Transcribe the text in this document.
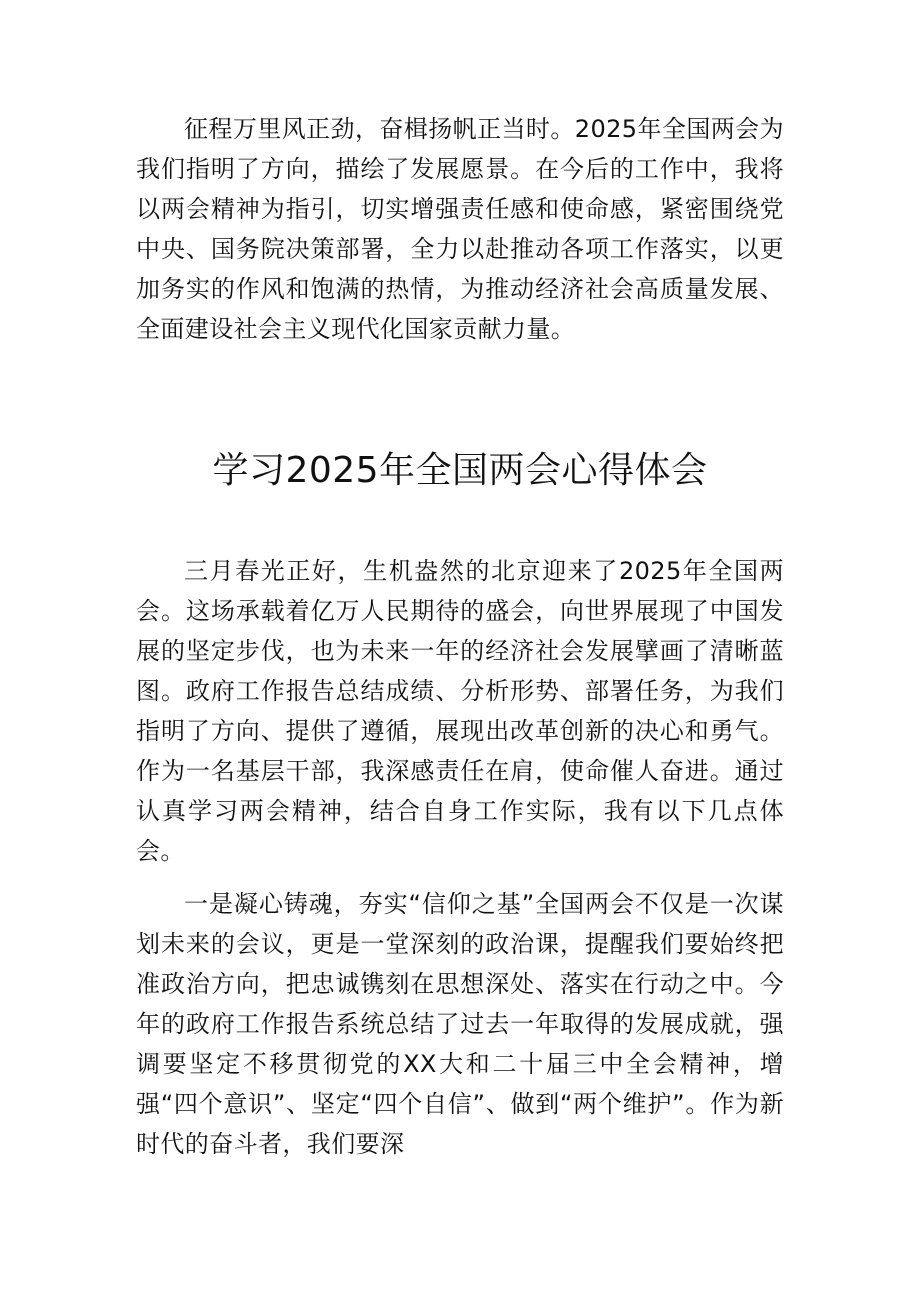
征程万里风正劲，奋楫扬帆正当时。2025年全国两会为我们指明了方向，描绘了发展愿景。在今后的工作中，我将以两会精神为指引，切实增强责任感和使命感，紧密围绕党中央、国务院决策部署，全力以赴推动各项工作落实，以更加务实的作风和饱满的热情，为推动经济社会高质量发展、全面建设社会主义现代化国家贡献力量。

学习2025年全国两会心得体会

三月春光正好，生机盎然的北京迎来了2025年全国两会。这场承载着亿万人民期待的盛会，向世界展现了中国发展的坚定步伐，也为未来一年的经济社会发展擘画了清晰蓝图。政府工作报告总结成绩、分析形势、部署任务，为我们指明了方向、提供了遵循，展现出改革创新的决心和勇气。作为一名基层干部，我深感责任在肩，使命催人奋进。通过认真学习两会精神，结合自身工作实际，我有以下几点体会。

一是凝心铸魂，夯实“信仰之基”全国两会不仅是一次谋划未来的会议，更是一堂深刻的政治课，提醒我们要始终把准政治方向，把忠诚镌刻在思想深处、落实在行动之中。今年的政府工作报告系统总结了过去一年取得的发展成就，强调要坚定不移贯彻党的XX大和二十届三中全会精神，增强“四个意识”、坚定“四个自信”、做到“两个维护”。作为新时代的奋斗者，我们要深
